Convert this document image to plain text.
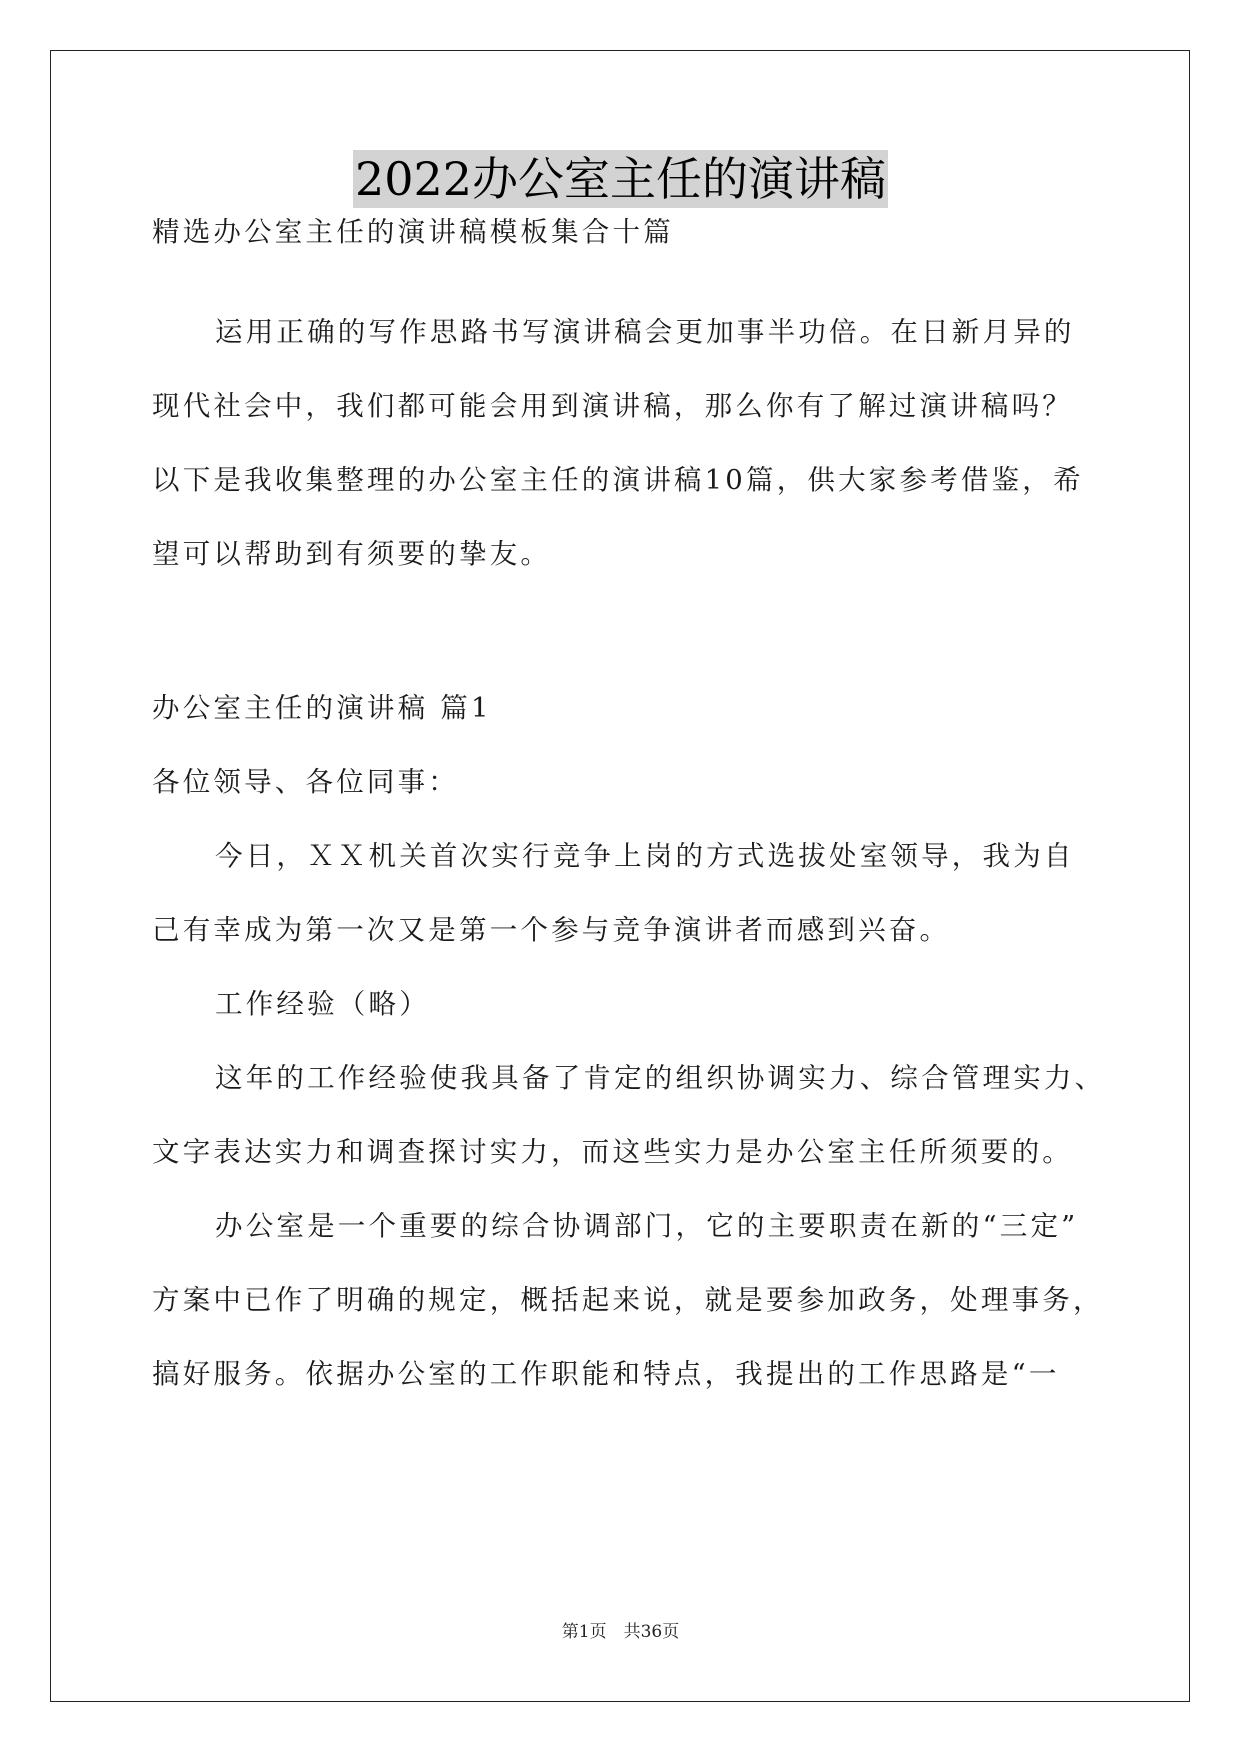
2022办公室主任的演讲稿
精选办公室主任的演讲稿模板集合十篇
运用正确的写作思路书写演讲稿会更加事半功倍。在日新月异的
现代社会中，我们都可能会用到演讲稿，那么你有了解过演讲稿吗？
以下是我收集整理的办公室主任的演讲稿10篇，供大家参考借鉴，希
望可以帮助到有须要的挚友。
办公室主任的演讲稿 篇1
各位领导、各位同事：
今日，ＸＸ机关首次实行竞争上岗的方式选拔处室领导，我为自
己有幸成为第一次又是第一个参与竞争演讲者而感到兴奋。
工作经验（略）
这年的工作经验使我具备了肯定的组织协调实力、综合管理实力、
文字表达实力和调查探讨实力，而这些实力是办公室主任所须要的。
办公室是一个重要的综合协调部门，它的主要职责在新的“三定”
方案中已作了明确的规定，概括起来说，就是要参加政务，处理事务，
搞好服务。依据办公室的工作职能和特点，我提出的工作思路是“一
第1页　共36页
